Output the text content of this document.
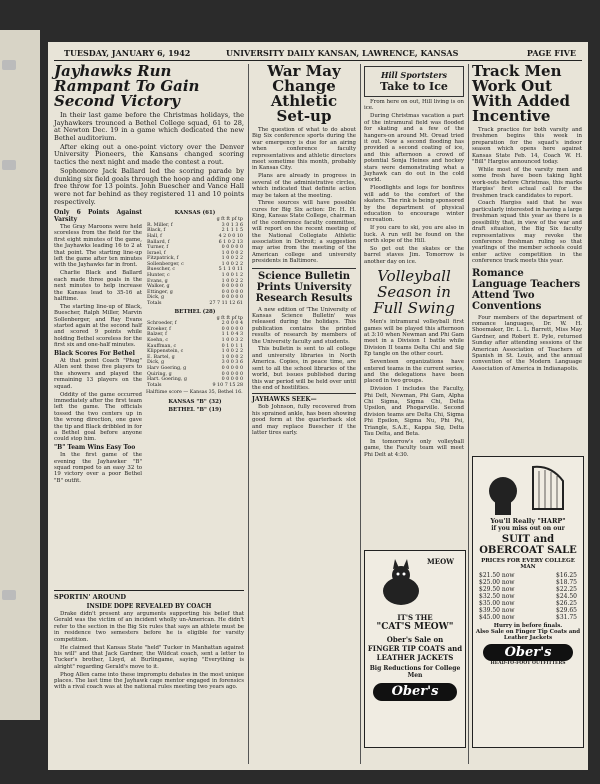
TUESDAY, JANUARY 6, 1942	UNIVERSITY DAILY KANSAN, LAWRENCE, KANSAS	PAGE FIVE
Jayhawks Run Rampant To Gain Second Victory

In their last game before the Christmas holidays, the Jayhawkers trounced a Bethel College squad, 61 to 28, at Newton Dec. 19 in a game which dedicated the new Bethel auditorium.

After eking out a one-point victory over the Denver University Pioneers, the Kansans changed scoring tactics the next night and made the contest a rout.

Sophomore Jack Ballard led the scoring parade by dunking six field goals through the hoop and adding one free throw for 13 points. John Buescher and Vance Hall were not far behind as they registered 11 and 10 points respectively.

Only 6 Points Against Varsity

The Gray Maroons were held scoreless from the field for the first eight minutes of the game, the Jayhawks leading 16 to 2 at that point. The starting line-up left the game after ten minutes with the Jayhawks far in front.

Charlie Black and Ballard each made three goals in the next minutes to help increase the Kansas lead to 35-16 at halftime.

The starting line-up of Black, Buescher, Ralph Miller, Marvin Sollenberger, and Ray Evans started again at the second half and scored 9 points while holding Bethel scoreless for the first six and one-half minutes.

Black Scores For Bethel

At that point Coach "Phog" Allen sent these five players to the showers and played the remaining 13 players on the squad.

Oddity of the game occurred immediately after the first team left the game. The officials tossed the two centers up in the wrong direction, one gave the tip and Black dribbled in for a Bethel goal before anyone could stop him.

"B" Team Wins Easy Too

In the first game of the evening the Jayhawker "B" squad romped to an easy 32 to 19 victory over a poor Bethel "B" outfit.

KANSAS (61)
	g ft ft pf tp
R. Miller, f	3 0 1 3 6
Black, f	2 1 1 1 5
Hall, f	4 2 0 0 10
Ballard, f	6 1 0 2 13
Turner, f	0 0 0 0 0
Israel, f	1 0 0 0 2
Fitzpatrick, f	1 0 0 2 2
Sollenberger, c	1 0 0 2 2
Buescher, c	5 1 1 0 11
Hunter, c	1 0 0 1 2
Evans, g	1 0 0 2 2
Walker, g	0 0 0 0 0
Ettinger, g	0 0 0 0 0
Dick, g	0 0 0 0 0
Totals	27 7 11 12 61
BETHEL (28)
	g ft ft pf tp
Schroeder, f	2 0 0 0 4
Kroeker, f	0 0 0 0 0
Balzer, f	1 1 0 4 3
Koehn, c	1 0 0 3 2
Kauffman, c	0 1 0 1 1
Klippenstein, c	1 0 0 2 2
E. Bartel, g	1 0 0 0 2
Dick, g	3 0 0 3 6
Harv Goering, g	0 0 0 0 0
Quiring, g	0 0 0 0 0
Hart. Goering, g	0 0 0 0 0
Totals	9 10 7 15 28
Halftime score — Kansas 35, Bethel 16.
KANSAS "B" (32)
BETHEL "B" (19)
SPORTIN' AROUND
INSIDE DOPE REVEALED BY COACH

Drake didn't present any arguments supporting his belief that Gerald was the victim of an incident wholly un-American. He didn't refer to the section in the Big Six rules that says an athlete must be in residence two semesters before he is eligible for varsity competition.

He claimed that Kansas State "held" Tucker in Manhattan against his will" and that Jack Gardner, the Wildcat coach, sent a letter to Tucker's brother, Lloyd, at Burlingame, saying "Everything is alright" regarding Gerald's move to it.

Phog Allen came into these impromptu debates in the most unique places. The last time the Jayhawk cage mentor engaged in forensics with a rival coach was at the national rules meeting two years ago.

War May Change Athletic Set-up

The question of what to do about Big Six conference sports during the war emergency is due for an airing when conference faculty representatives and athletic directors meet sometime this month, probably in Kansas City.

Plans are already in progress in several of the administrative circles, which indicated that definite action may be taken at the meeting.

Three sources will have possible cures for Big Six action: Dr. H. H. King, Kansas State College, chairman of the conference faculty committee, will report on the recent meeting of the National Collegiate Athletic association in Detroit; a suggestion may arise from the meeting of the American college and university presidents in Baltimore.

Science Bulletin Prints University Research Results

A new edition of 'The University of Kansas Science Bulletin' was released during the holidays. This publication contains the printed results of research by members of the University faculty and students.

This bulletin is sent to all college and university libraries in North America. Copies, in peace time, are sent to all the school libraries of the world, but issues published during this war period will be held over until the end of hostilities.

JAYHAWKS SEEK—

Bob Johnson, fully recovered from his sprained ankle, has been showing good form at the quarterback slot and may replace Buescher if the latter tires early.

Hill Sportsters
Take to Ice

From here on out, Hill living is on ice.

During Christmas vacation a part of the intramural field was flooded for skating and a few of the hangers-on around Mt. Oread tried it out. Now a second flooding has provided a second coating of ice, and this afternoon a crowd of potential Sonja Heines and hockey stars were demonstrating what a Jayhawk can do out in the cold world.

Floodlights and logs for bonfires will add to the comfort of the skaters. The rink is being sponsored by the department of physical education to encourage winter recreation.

If you care to ski, you are also in luck. A run will be found on the north slope of the Hill.

So get out the skates or the barrel staves Jim. Tomorrow is another day on ice.

Volleyball Season in Full Swing

Men's intramural volleyball first games will be played this afternoon at 3:10 when Newman and Phi Gam meet in a Division I battle while Division II teams Delta Chi and Sig Ep tangle on the other court.

Seventeen organizations have entered teams in the current series, and the delegations have been placed in two groups.

Division I includes the Faculty, Phi Delt, Newman, Phi Gam, Alpha Chi Sigma, Sigma Chi, Delta Upsilon, and Phogarville. Second division teams are Delta Chi, Sigma Phi Epsilon, Sigma Nu, Phi Psi, Triangle, S.A.E., Kappa Sig, Delta Tau Delta, and Beta.

In tomorrow's only volleyball game, the Faculty team will meet Phi Delt at 4:30.

MEOW
IT'S THE
"CAT'S MEOW"
Ober's Sale on
FINGER TIP COATS and LEATHER JACKETS
Big Reductions for College Men
Ober's
Track Men Work Out With Added Incentive

Track practice for both varsity and freshmen begins this week in preparation for the squad's indoor season which opens here against Kansas State Feb. 14, Coach W. H. "Bill" Hargiss announced today.

While most of the varsity men and some fresh have been taking light work-outs before Christmas, this marks Hargiss' first actual call for the freshmen track candidates to report.

Coach Hargiss said that he was particularly interested in having a large freshman squad this year as there is a possibility that, in view of the war and draft situation, the Big Six faculty representatives may revoke the conference freshman ruling so that yearlings of the member schools could enter active competition in the conference track meets this year.

Romance Language Teachers Attend Two Conventions

Four members of the department of romance languages, Dr. W. H. Shoemaker, Dr. L. L. Barrett, Miss May Gardner, and Robert E. Pyle, returned Sunday after attending sessions of the American Association of Teachers of Spanish in St. Louis, and the annual convention of the Modern Language Association of America in Indianapolis.

You'll Really "HARP"
if you miss out on our
SUIT and OBERCOAT SALE
PRICES FOR EVERY COLLEGE MAN
$21.50 now	$16.25
$25.00 now	$18.75
$29.50 now	$22.25
$32.50 now	$24.50
$35.00 now	$26.25
$39.50 now	$29.65
$45.00 now	$31.75
Hurry in before finals.
Also Sale on Finger Tip Coats and Leather Jackets
Ober's
HEAD-TO-FOOT OUTFITTERS
